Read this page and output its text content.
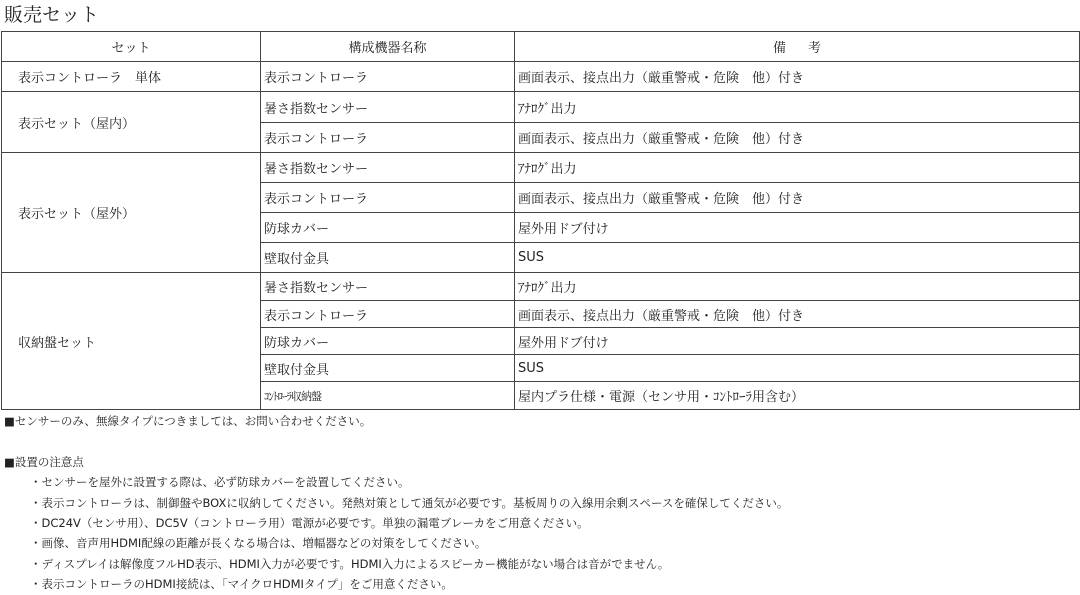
販売セット
セット	構成機器名称	備 考
表示コントローラ　単体	表示コントローラ	画面表示、接点出力（厳重警戒・危険　他）付き
表示セット（屋内）	暑さ指数センサー	ｱﾅﾛｸﾞ出力
	表示コントローラ	画面表示、接点出力（厳重警戒・危険　他）付き
表示セット（屋外）	暑さ指数センサー	ｱﾅﾛｸﾞ出力
	表示コントローラ	画面表示、接点出力（厳重警戒・危険　他）付き
	防球カバー	屋外用ドブ付け
	壁取付金具	SUS
収納盤セット	暑さ指数センサー	ｱﾅﾛｸﾞ出力
	表示コントローラ	画面表示、接点出力（厳重警戒・危険　他）付き
	防球カバー	屋外用ドブ付け
	壁取付金具	SUS
	ｺﾝﾄﾛｰﾗ収納盤	屋内プラ仕様・電源（センサ用・ｺﾝﾄﾛｰﾗ用含む）
■センサーのみ、無線タイプにつきましては、お問い合わせください。
■設置の注意点
・センサーを屋外に設置する際は、必ず防球カバーを設置してください。
・表示コントローラは、制御盤やBOXに収納してください。発熱対策として通気が必要です。基板周りの入線用余剰スペースを確保してください。
・DC24V（センサ用）、DC5V（コントローラ用）電源が必要です。単独の漏電ブレーカをご用意ください。
・画像、音声用HDMI配線の距離が長くなる場合は、増幅器などの対策をしてください。
・ディスプレイは解像度フルHD表示、HDMI入力が必要です。HDMI入力によるスピーカー機能がない場合は音がでません。
・表示コントローラのHDMI接続は、「マイクロHDMIタイプ」をご用意ください。
